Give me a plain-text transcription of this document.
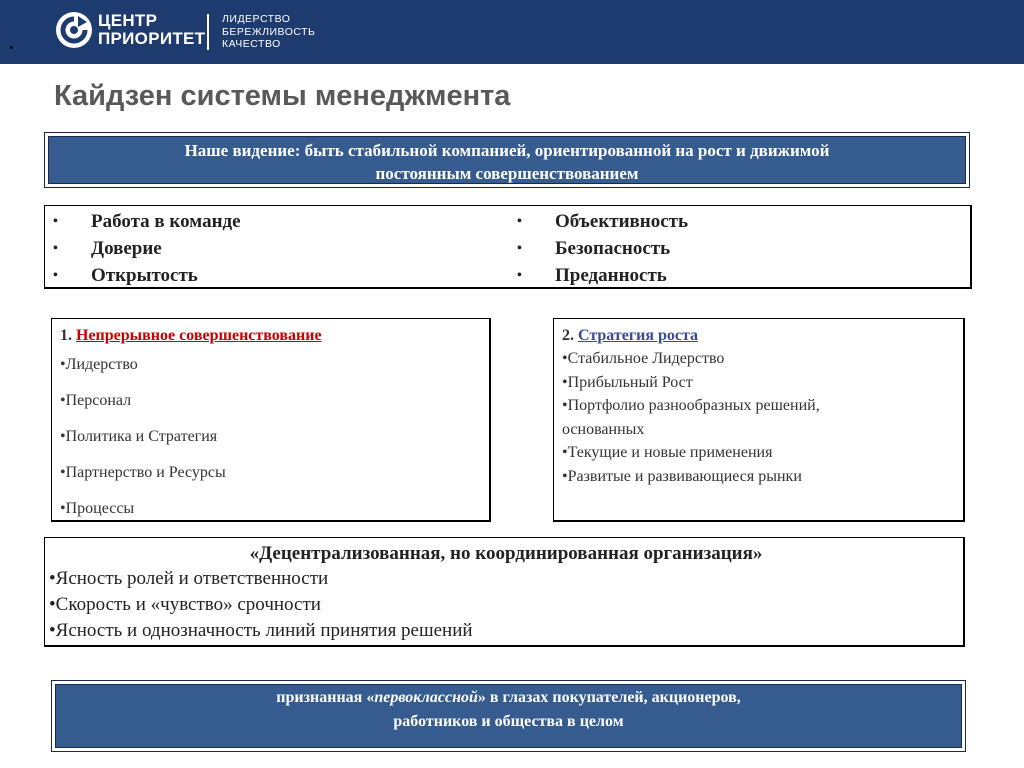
ЦЕНТР
ПРИОРИТЕТ
ЛИДЕРСТВО
БЕРЕЖЛИВОСТЬ
КАЧЕСТВО
Кайдзен системы менеджмента
Наше видение: быть стабильной компанией, ориентированной на рост и движимой
постоянным совершенствованием
• Работа в команде
• Доверие
• Открытость
• Объективность
• Безопасность
• Преданность
1. Непрерывное совершенствование
•Лидерство
•Персонал
•Политика и Стратегия
•Партнерство и Ресурсы
•Процессы
2. Стратегия роста
•Стабильное Лидерство
•Прибыльный Рост
•Портфолио разнообразных решений,
основанных
•Текущие и новые применения
•Развитые и развивающиеся рынки
«Децентрализованная, но координированная организация»
•Ясность ролей и ответственности
•Скорость и «чувство» срочности
•Ясность и однозначность линий принятия решений
признанная «первоклассной» в глазах покупателей, акционеров,
работников и общества в целом
